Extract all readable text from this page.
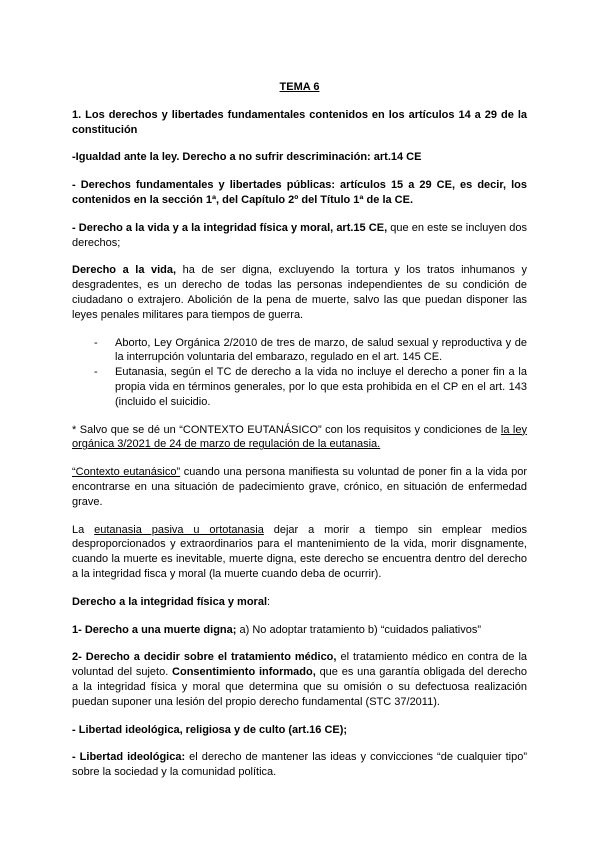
TEMA 6

1. Los derechos y libertades fundamentales contenidos en los artículos 14 a 29 de la constitución

-Igualdad ante la ley. Derecho a no sufrir descriminación: art.14 CE

- Derechos fundamentales y libertades públicas: artículos 15 a 29 CE, es decir, los contenidos en la sección 1ª, del Capítulo 2º del Título 1ª de la CE.

- Derecho a la vida y a la integridad física y moral, art.15 CE, que en este se incluyen dos derechos;

Derecho a la vida, ha de ser digna, excluyendo la tortura y los tratos inhumanos y desgradentes, es un derecho de todas las personas independientes de su condición de ciudadano o extrajero. Abolición de la pena de muerte, salvo las que puedan disponer las leyes penales militares para tiempos de guerra.

- Aborto, Ley Orgánica 2/2010 de tres de marzo, de salud sexual y reproductiva y de la interrupción voluntaria del embarazo, regulado en el art. 145 CE.
- Eutanasia, según el TC de derecho a la vida no incluye el derecho a poner fin a la propia vida en términos generales, por lo que esta prohibida en el CP en el art. 143 (incluido el suicidio.

* Salvo que se dé un “CONTEXTO EUTANÁSICO” con los requisitos y condiciones de la ley orgánica 3/2021 de 24 de marzo de regulación de la eutanasia.

“Contexto eutanásico” cuando una persona manifiesta su voluntad de poner fin a la vida por encontrarse en una situación de padecimiento grave, crónico, en situación de enfermedad grave.

La eutanasia pasiva u ortotanasia dejar a morir a tiempo sin emplear medios desproporcionados y extraordinarios para el mantenimiento de la vida, morir disgnamente, cuando la muerte es inevitable, muerte digna, este derecho se encuentra dentro del derecho a la integridad fisca y moral (la muerte cuando deba de ocurrir).

Derecho a la integridad física y moral:

1- Derecho a una muerte digna; a) No adoptar tratamiento b) “cuidados paliativos”

2- Derecho a decidir sobre el tratamiento médico, el tratamiento médico en contra de la voluntad del sujeto. Consentimiento informado, que es una garantía obligada del derecho a la integridad física y moral que determina que su omisión o su defectuosa realización puedan suponer una lesión del propio derecho fundamental (STC 37/2011).

- Libertad ideológica, religiosa y de culto (art.16 CE);

- Libertad ideológica: el derecho de mantener las ideas y convicciones “de cualquier tipo” sobre la sociedad y la comunidad política.
